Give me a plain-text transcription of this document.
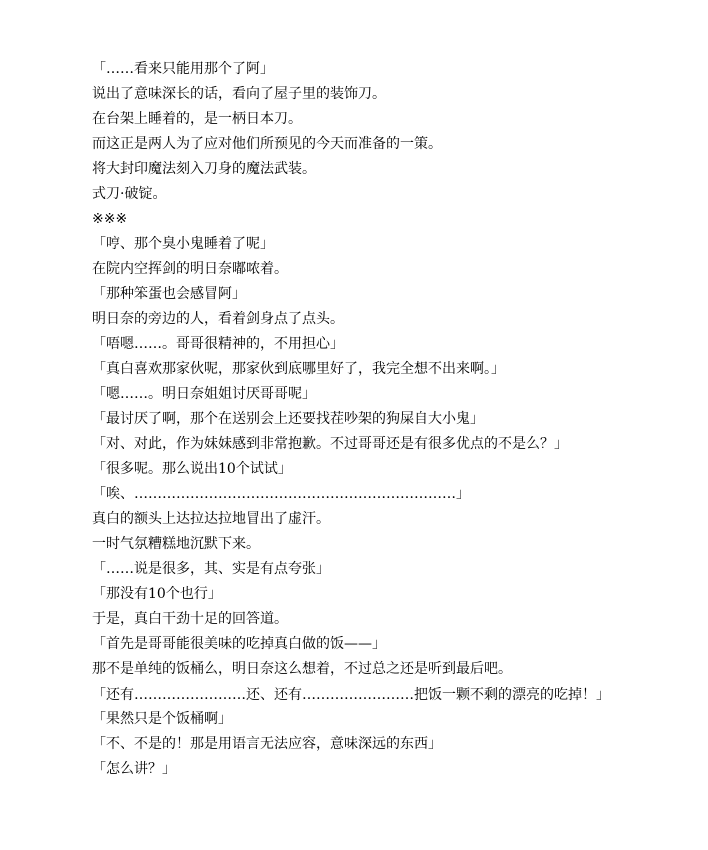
「……看来只能用那个了阿」
说出了意味深长的话，看向了屋子里的装饰刀。
在台架上睡着的，是一柄日本刀。
而这正是两人为了应对他们所预见的今天而准备的一策。
将大封印魔法刻入刀身的魔法武装。
式刀·破锭。
※※※
「哼、那个臭小鬼睡着了呢」
在院内空挥剑的明日奈嘟哝着。
「那种笨蛋也会感冒阿」
明日奈的旁边的人，看着剑身点了点头。
「唔嗯……。哥哥很精神的，不用担心」
「真白喜欢那家伙呢，那家伙到底哪里好了，我完全想不出来啊。」
「嗯……。明日奈姐姐讨厌哥哥呢」
「最讨厌了啊，那个在送别会上还要找茬吵架的狗屎自大小鬼」
「对、对此，作为妹妹感到非常抱歉。不过哥哥还是有很多优点的不是么？」
「很多呢。那么说出10个试试」
「唉、……………………………………………………………」
真白的额头上达拉达拉地冒出了虚汗。
一时气氛糟糕地沉默下来。
「……说是很多，其、实是有点夸张」
「那没有10个也行」
于是，真白干劲十足的回答道。
「首先是哥哥能很美味的吃掉真白做的饭——」
那不是单纯的饭桶么，明日奈这么想着，不过总之还是听到最后吧。
「还有……………………还、还有……………………把饭一颗不剩的漂亮的吃掉！」
「果然只是个饭桶啊」
「不、不是的！那是用语言无法应容，意味深远的东西」
「怎么讲？」
